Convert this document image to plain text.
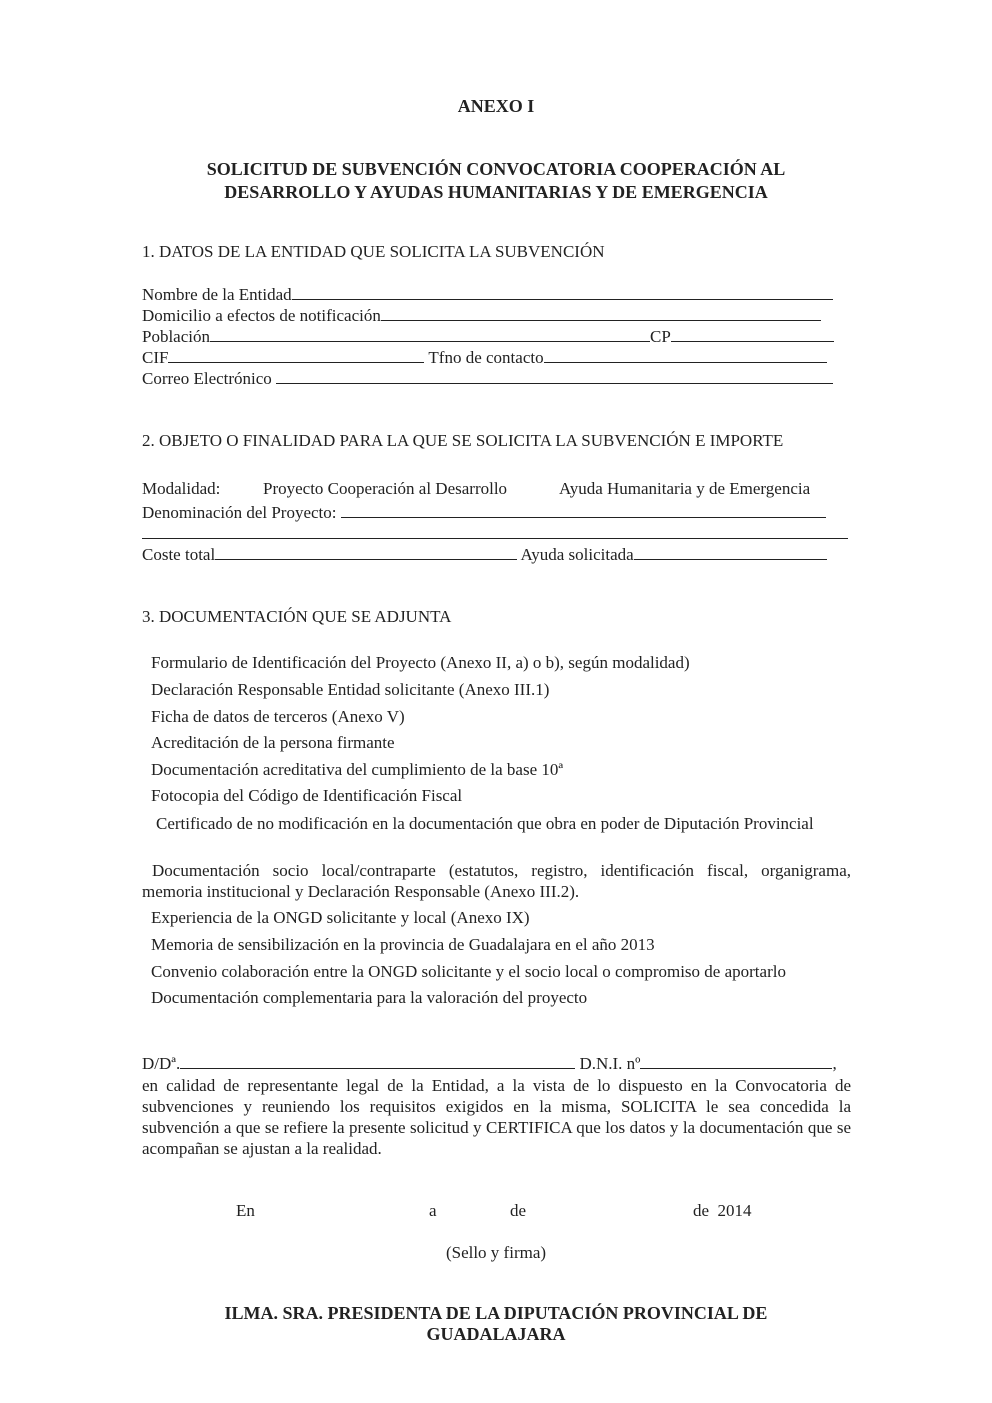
ANEXO I
SOLICITUD DE SUBVENCIÓN CONVOCATORIA COOPERACIÓN AL
DESARROLLO Y AYUDAS HUMANITARIAS Y DE EMERGENCIA
1. DATOS DE LA ENTIDAD QUE SOLICITA LA SUBVENCIÓN
Nombre de la Entidad
Domicilio a efectos de notificación
Población	CP
CIF	Tfno de contacto
Correo Electrónico
2. OBJETO O FINALIDAD PARA LA QUE SE SOLICITA LA SUBVENCIÓN E IMPORTE
Modalidad:	Proyecto Cooperación al Desarrollo	Ayuda Humanitaria y de Emergencia
Denominación del Proyecto:
Coste total	Ayuda solicitada
3. DOCUMENTACIÓN QUE SE ADJUNTA
Formulario de Identificación del Proyecto (Anexo II, a) o b), según modalidad)
Declaración Responsable Entidad solicitante (Anexo III.1)
Ficha de datos de terceros (Anexo V)
Acreditación de la persona firmante
Documentación acreditativa del cumplimiento de la base 10ª
Fotocopia del Código de Identificación Fiscal
Certificado de no modificación en la documentación que obra en poder de Diputación Provincial
Documentación socio local/contraparte (estatutos, registro, identificación fiscal, organigrama, memoria institucional y Declaración Responsable (Anexo III.2).
Experiencia de la ONGD solicitante y local (Anexo IX)
Memoria de sensibilización en la provincia de Guadalajara en el año 2013
Convenio colaboración entre la ONGD solicitante y el socio local o compromiso de aportarlo
Documentación complementaria para la valoración del proyecto
D/Dª.	D.N.I. nº	,
en calidad de representante legal de la Entidad, a la vista de lo dispuesto en la Convocatoria de subvenciones y reuniendo los requisitos exigidos en la misma, SOLICITA le sea concedida la subvención a que se refiere la presente solicitud y CERTIFICA que los datos y la documentación que se acompañan se ajustan a la realidad.
En	a	de	de 2014
(Sello y firma)
ILMA. SRA. PRESIDENTA DE LA DIPUTACIÓN PROVINCIAL DE
GUADALAJARA
